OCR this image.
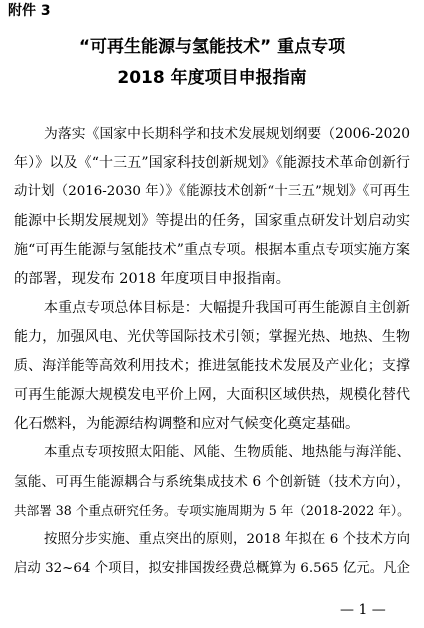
附件 3
“可再生能源与氢能技术” 重点专项
2018 年度项目申报指南
为落实《国家中长期科学和技术发展规划纲要（2006-2020
年）》以及《“十三五”国家科技创新规划》《能源技术革命创新行
动计划（2016-2030 年）》《能源技术创新“十三五”规划》《可再生
能源中长期发展规划》等提出的任务，国家重点研发计划启动实
施“可再生能源与氢能技术”重点专项。根据本重点专项实施方案
的部署，现发布 2018 年度项目申报指南。
本重点专项总体目标是：大幅提升我国可再生能源自主创新
能力，加强风电、光伏等国际技术引领；掌握光热、地热、生物
质、海洋能等高效利用技术；推进氢能技术发展及产业化；支撑
可再生能源大规模发电平价上网，大面积区域供热，规模化替代
化石燃料，为能源结构调整和应对气候变化奠定基础。
本重点专项按照太阳能、风能、生物质能、地热能与海洋能、
氢能、可再生能源耦合与系统集成技术 6 个创新链（技术方向），
共部署 38 个重点研究任务。专项实施周期为 5 年（2018-2022 年）。
按照分步实施、重点突出的原则，2018 年拟在 6 个技术方向
启动 32~64 个项目，拟安排国拨经费总概算为 6.565 亿元。凡企
— 1 —
